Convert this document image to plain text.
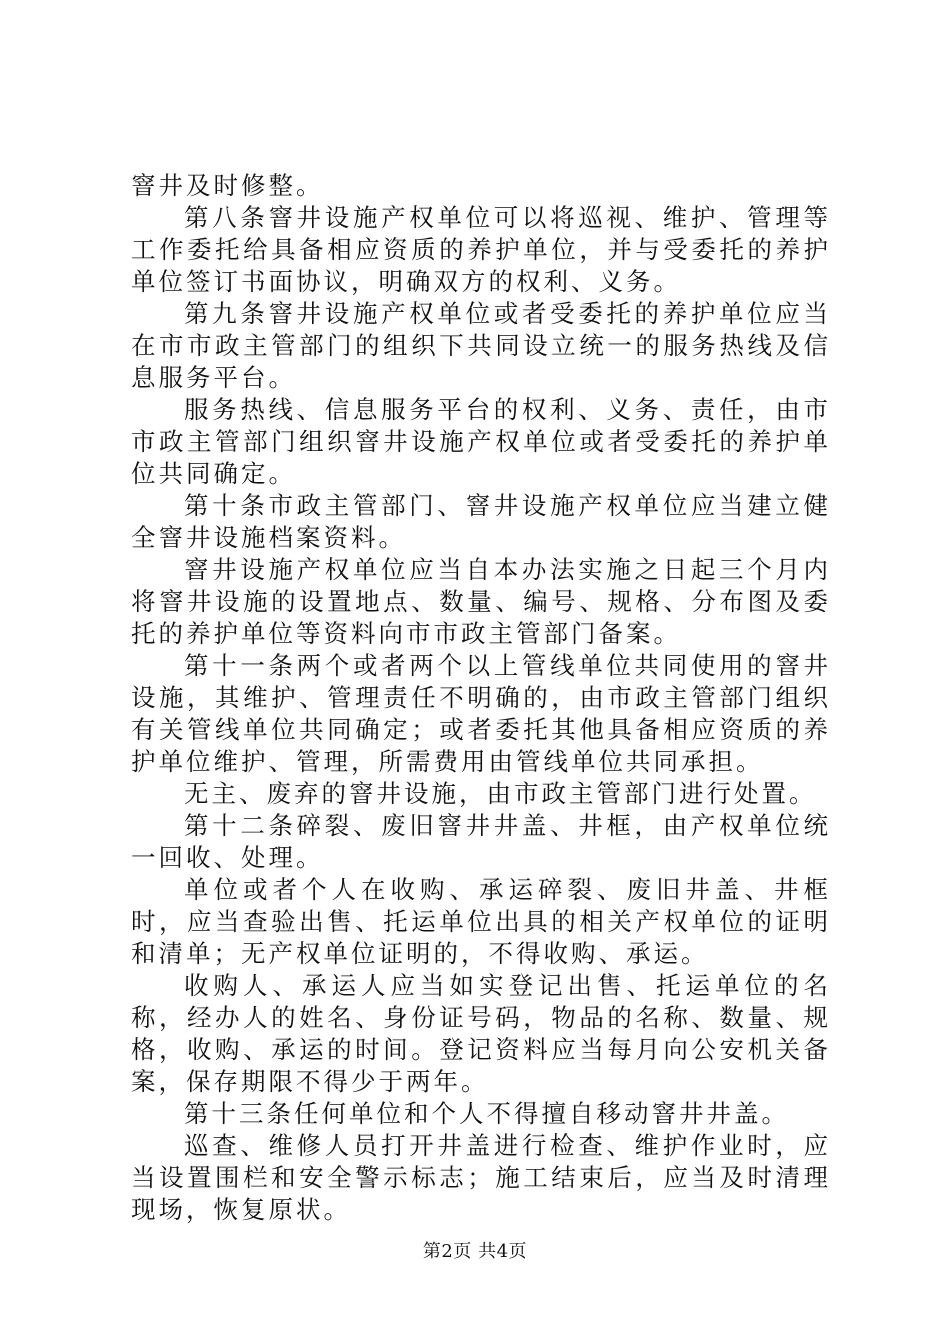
窨井及时修整。

第八条窨井设施产权单位可以将巡视、维护、管理等工作委托给具备相应资质的养护单位，并与受委托的养护单位签订书面协议，明确双方的权利、义务。

第九条窨井设施产权单位或者受委托的养护单位应当在市市政主管部门的组织下共同设立统一的服务热线及信息服务平台。

服务热线、信息服务平台的权利、义务、责任，由市市政主管部门组织窨井设施产权单位或者受委托的养护单位共同确定。

第十条市政主管部门、窨井设施产权单位应当建立健全窨井设施档案资料。

窨井设施产权单位应当自本办法实施之日起三个月内将窨井设施的设置地点、数量、编号、规格、分布图及委托的养护单位等资料向市市政主管部门备案。

第十一条两个或者两个以上管线单位共同使用的窨井设施，其维护、管理责任不明确的，由市政主管部门组织有关管线单位共同确定；或者委托其他具备相应资质的养护单位维护、管理，所需费用由管线单位共同承担。

无主、废弃的窨井设施，由市政主管部门进行处置。

第十二条碎裂、废旧窨井井盖、井框，由产权单位统一回收、处理。

单位或者个人在收购、承运碎裂、废旧井盖、井框时，应当查验出售、托运单位出具的相关产权单位的证明和清单；无产权单位证明的，不得收购、承运。

收购人、承运人应当如实登记出售、托运单位的名称，经办人的姓名、身份证号码，物品的名称、数量、规格，收购、承运的时间。登记资料应当每月向公安机关备案，保存期限不得少于两年。

第十三条任何单位和个人不得擅自移动窨井井盖。

巡查、维修人员打开井盖进行检查、维护作业时，应当设置围栏和安全警示标志；施工结束后，应当及时清理现场，恢复原状。

第2页 共4页
